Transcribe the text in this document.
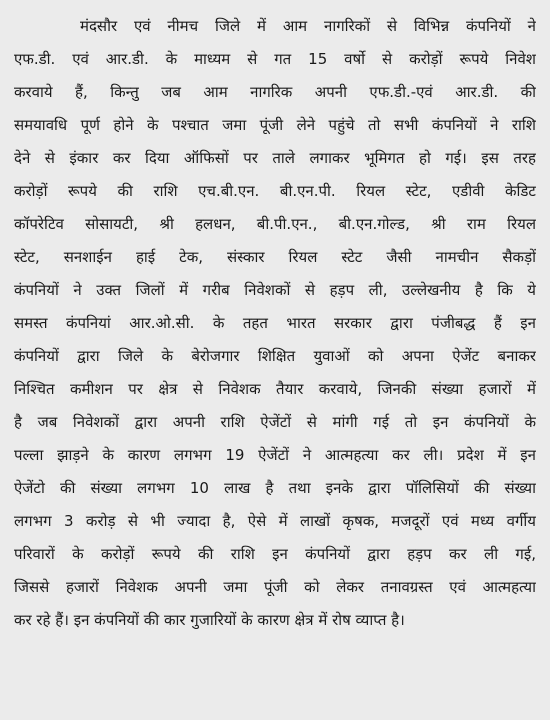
मंदसौर एवं नीमच जिले में आम नागरिकों से विभिन्न कंपनियों ने
एफ.डी. एवं आर.डी. के माध्यम से गत 15 वर्षो से करोड़ों रूपये निवेश
करवाये हैं, किन्तु जब आम नागरिक अपनी एफ.डी.-एवं आर.डी. की
समयावधि पूर्ण होने के पश्चात जमा पूंजी लेने पहुंचे तो सभी कंपनियों ने राशि
देने से इंकार कर दिया ऑफिसों पर ताले लगाकर भूमिगत हो गई। इस तरह
करोड़ों रूपये की राशि एच.बी.एन. बी.एन.पी. रियल स्टेट, एडीवी केडिट
कॉपरेटिव सोसायटी, श्री हलधन, बी.पी.एन., बी.एन.गोल्ड, श्री राम रियल
स्टेट, सनशाईन हाई टेक, संस्कार रियल स्टेट जैसी नामचीन सैकड़ों
कंपनियों ने उक्त जिलों में गरीब निवेशकों से हड़प ली, उल्लेखनीय है कि ये
समस्त कंपनियां आर.ओ.सी. के तहत भारत सरकार द्वारा पंजीबद्ध हैं इन
कंपनियों द्वारा जिले के बेरोजगार शिक्षित युवाओं को अपना ऐजेंट बनाकर
निश्चित कमीशन पर क्षेत्र से निवेशक तैयार करवाये, जिनकी संख्या हजारों में
है जब निवेशकों द्वारा अपनी राशि ऐजेंटों से मांगी गई तो इन कंपनियों के
पल्ला झाड़ने के कारण लगभग 19 ऐजेंटों ने आत्महत्या कर ली। प्रदेश में इन
ऐजेंटो की संख्या लगभग 10 लाख है तथा इनके द्वारा पॉलिसियों की संख्या
लगभग 3 करोड़ से भी ज्यादा है, ऐसे में लाखों कृषक, मजदूरों एवं मध्य वर्गीय
परिवारों के करोड़ों रूपये की राशि इन कंपनियों द्वारा हड़प कर ली गई,
जिससे हजारों निवेशक अपनी जमा पूंजी को लेकर तनावग्रस्त एवं आत्महत्या
कर रहे हैं। इन कंपनियों की कार गुजारियों के कारण क्षेत्र में रोष व्याप्त है।
